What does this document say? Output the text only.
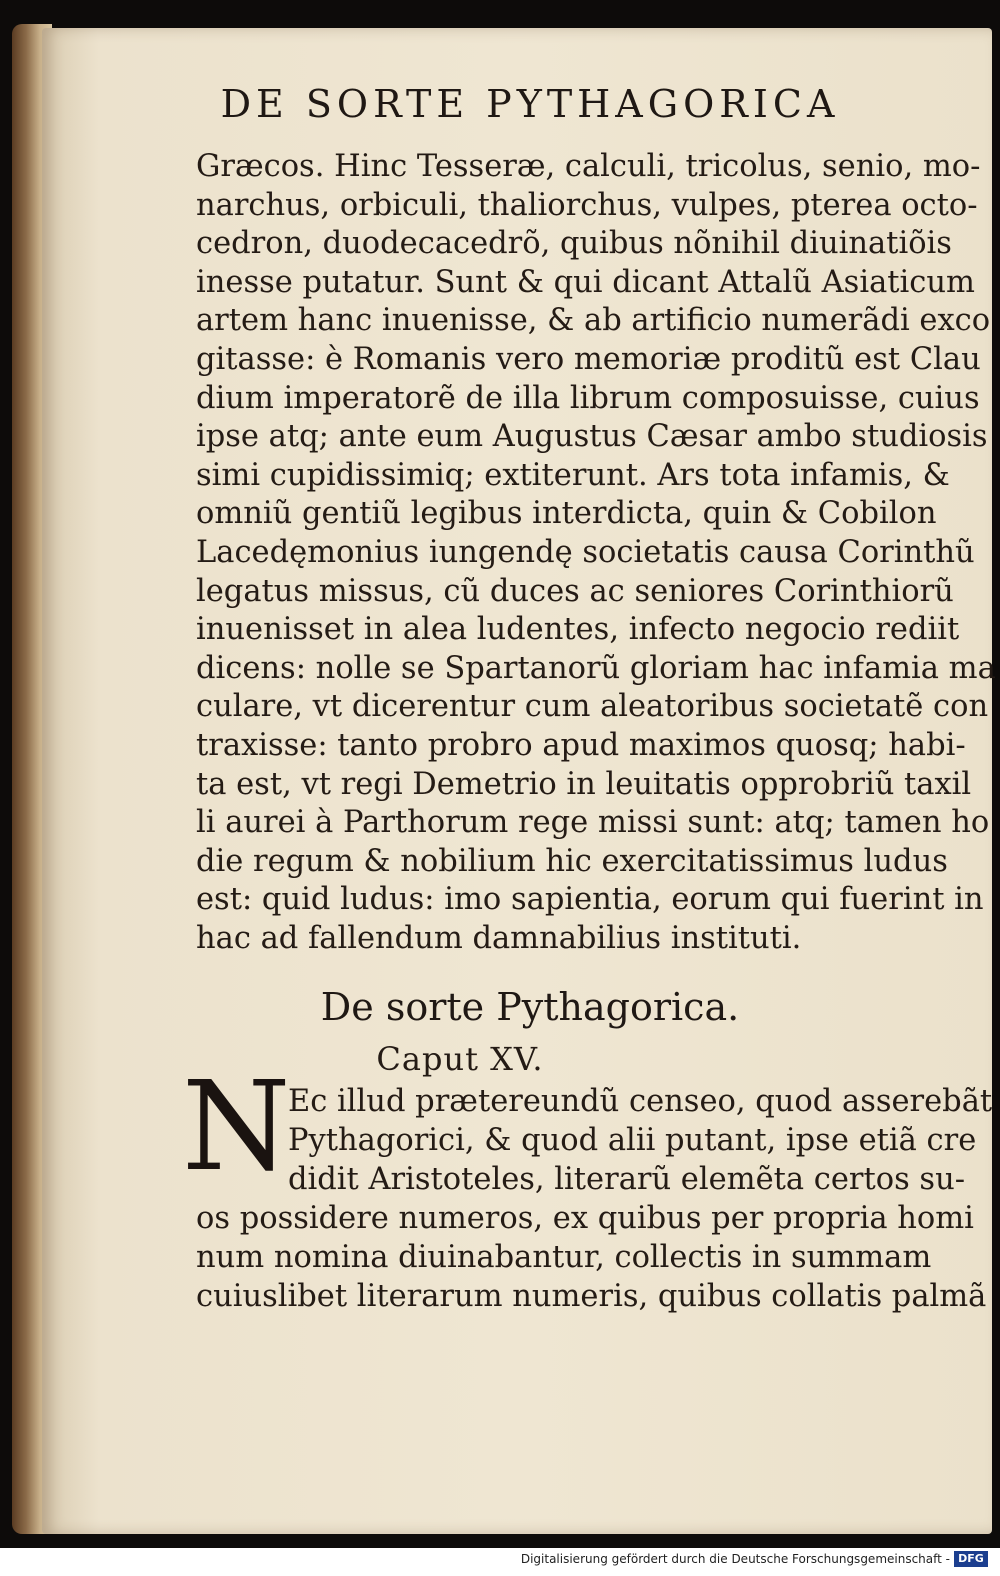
DE SORTE PYTHAGORICA
Græcos. Hinc Tesseræ, calculi, tricolus, senio, mo-
narchus, orbiculi, thaliorchus, vulpes, pterea octo-
cedron, duodecacedrõ, quibus nõnihil diuinatiõis
inesse putatur. Sunt & qui dicant Attalũ Asiaticum
artem hanc inuenisse, & ab artificio numerãdi exco
gitasse: è Romanis vero memoriæ proditũ est Clau
dium imperatorẽ de illa librum composuisse, cuius
ipse atq; ante eum Augustus Cæsar ambo studiosis
simi cupidissimiq; extiterunt. Ars tota infamis, &
omniũ gentiũ legibus interdicta, quin & Cobilon
Lacedęmonius iungendę societatis causa Corinthũ
legatus missus, cũ duces ac seniores Corinthiorũ
inuenisset in alea ludentes, infecto negocio rediit
dicens: nolle se Spartanorũ gloriam hac infamia ma
culare, vt dicerentur cum aleatoribus societatẽ con
traxisse: tanto probro apud maximos quosq; habi-
ta est, vt regi Demetrio in leuitatis opprobriũ taxil
li aurei à Parthorum rege missi sunt: atq; tamen ho
die regum & nobilium hic exercitatissimus ludus
est: quid ludus: imo sapientia, eorum qui fuerint in
hac ad fallendum damnabilius instituti.
De sorte Pythagorica.
Caput XV.
N
Ec illud prætereundũ censeo, quod asserebãt
Pythagorici, & quod alii putant, ipse etiã cre
didit Aristoteles, literarũ elemẽta certos su-
os possidere numeros, ex quibus per propria homi
num nomina diuinabantur, collectis in summam
cuiuslibet literarum numeris, quibus collatis palmã
Digitalisierung gefördert durch die Deutsche Forschungsgemeinschaft - DFG
